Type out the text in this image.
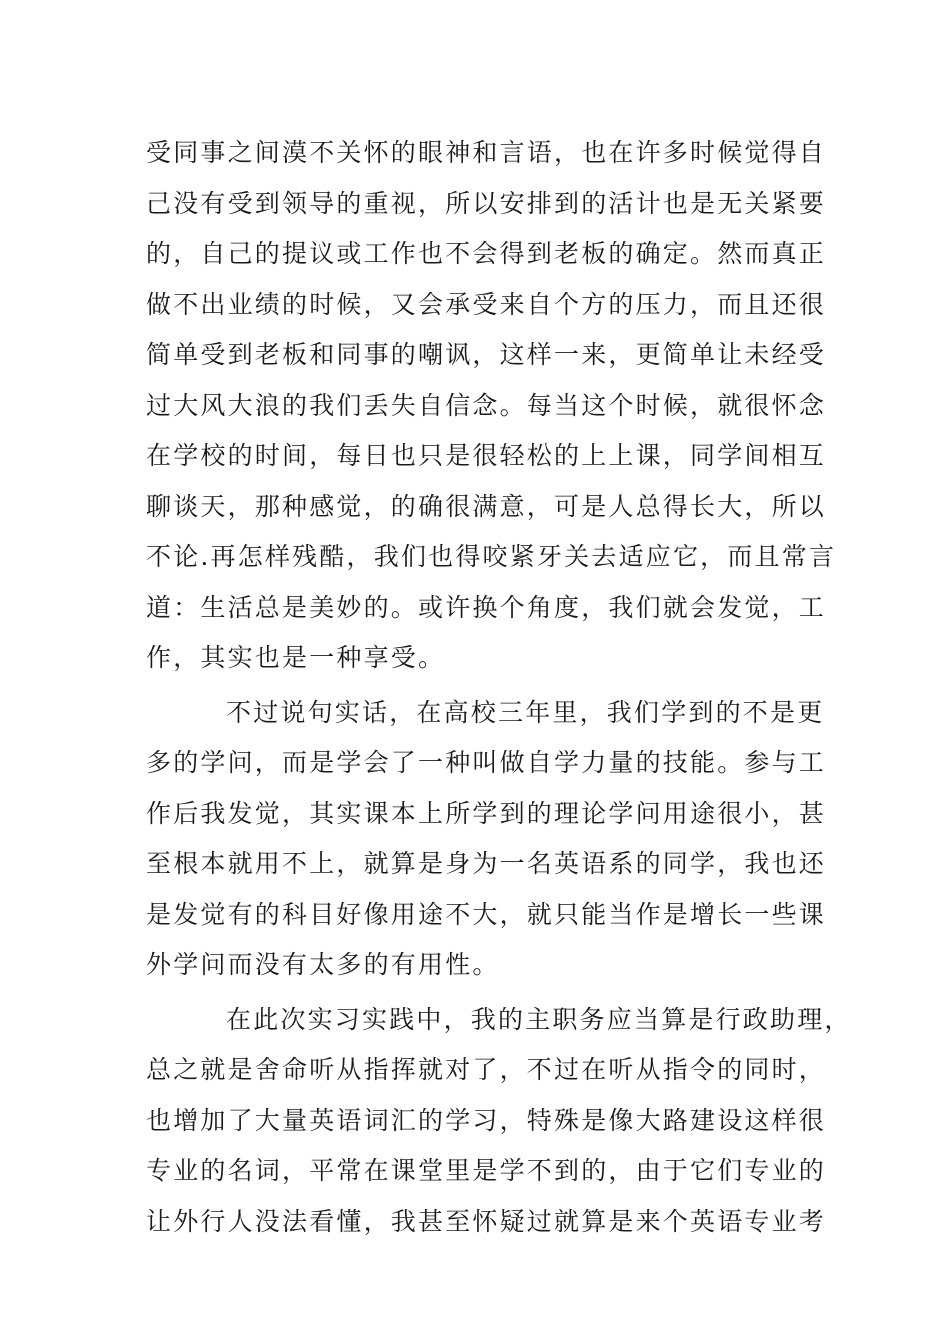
受同事之间漠不关怀的眼神和言语，也在许多时候觉得自
己没有受到领导的重视，所以安排到的活计也是无关紧要
的，自己的提议或工作也不会得到老板的确定。然而真正
做不出业绩的时候，又会承受来自个方的压力，而且还很
简单受到老板和同事的嘲讽，这样一来，更简单让未经受
过大风大浪的我们丢失自信念。每当这个时候，就很怀念
在学校的时间，每日也只是很轻松的上上课，同学间相互
聊谈天，那种感觉，的确很满意，可是人总得长大，所以
不论.再怎样残酷，我们也得咬紧牙关去适应它，而且常言
道：生活总是美妙的。或许换个角度，我们就会发觉，工
作，其实也是一种享受。
不过说句实话，在高校三年里，我们学到的不是更
多的学问，而是学会了一种叫做自学力量的技能。参与工
作后我发觉，其实课本上所学到的理论学问用途很小，甚
至根本就用不上，就算是身为一名英语系的同学，我也还
是发觉有的科目好像用途不大，就只能当作是增长一些课
外学问而没有太多的有用性。
在此次实习实践中，我的主职务应当算是行政助理，
总之就是舍命听从指挥就对了，不过在听从指令的同时，
也增加了大量英语词汇的学习，特殊是像大路建设这样很
专业的名词，平常在课堂里是学不到的，由于它们专业的
让外行人没法看懂，我甚至怀疑过就算是来个英语专业考
